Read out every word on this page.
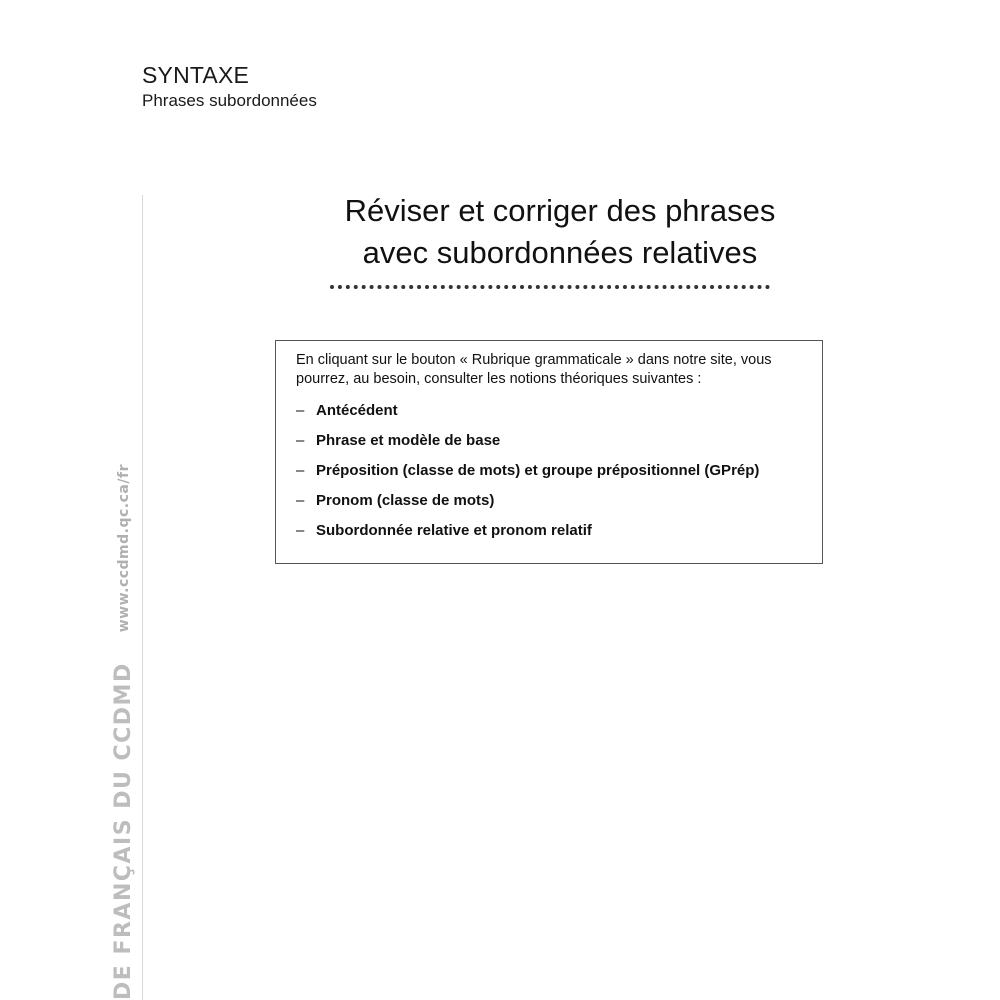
SYNTAXE
Phrases subordonnées
DE FRANÇAIS DU CCDMD
www.ccdmd.qc.ca/fr
Réviser et corriger des phrases
avec subordonnées relatives

En cliquant sur le bouton « Rubrique grammaticale » dans notre site, vous pourrez, au besoin, consulter les notions théoriques suivantes :

– Antécédent
– Phrase et modèle de base
– Préposition (classe de mots) et groupe prépositionnel (GPrép)
– Pronom (classe de mots)
– Subordonnée relative et pronom relatif
